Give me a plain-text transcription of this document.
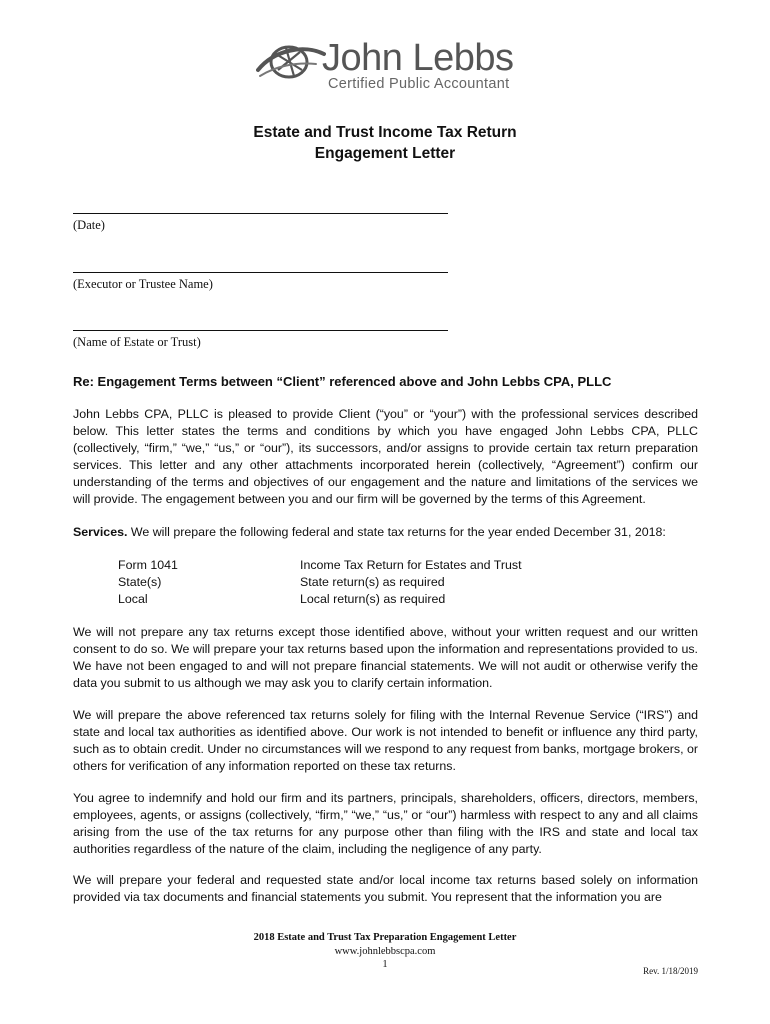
John Lebbs
Certified Public Accountant
Estate and Trust Income Tax Return
Engagement Letter
(Date)
(Executor or Trustee Name)
(Name of Estate or Trust)
Re: Engagement Terms between “Client” referenced above and John Lebbs CPA, PLLC

John Lebbs CPA, PLLC is pleased to provide Client (“you” or “your”) with the professional services described below. This letter states the terms and conditions by which you have engaged John Lebbs CPA, PLLC (collectively, “firm,” “we,” “us,” or “our”), its successors, and/or assigns to provide certain tax return preparation services. This letter and any other attachments incorporated herein (collectively, “Agreement”) confirm our understanding of the terms and objectives of our engagement and the nature and limitations of the services we will provide. The engagement between you and our firm will be governed by the terms of this Agreement.

Services. We will prepare the following federal and state tax returns for the year ended December 31, 2018:

Form 1041	Income Tax Return for Estates and Trust
State(s)	State return(s) as required
Local	Local return(s) as required

We will not prepare any tax returns except those identified above, without your written request and our written consent to do so. We will prepare your tax returns based upon the information and representations provided to us. We have not been engaged to and will not prepare financial statements. We will not audit or otherwise verify the data you submit to us although we may ask you to clarify certain information.

We will prepare the above referenced tax returns solely for filing with the Internal Revenue Service (“IRS”) and state and local tax authorities as identified above. Our work is not intended to benefit or influence any third party, such as to obtain credit. Under no circumstances will we respond to any request from banks, mortgage brokers, or others for verification of any information reported on these tax returns.

You agree to indemnify and hold our firm and its partners, principals, shareholders, officers, directors, members, employees, agents, or assigns (collectively, “firm,” “we,” “us,” or “our”) harmless with respect to any and all claims arising from the use of the tax returns for any purpose other than filing with the IRS and state and local tax authorities regardless of the nature of the claim, including the negligence of any party.

We will prepare your federal and requested state and/or local income tax returns based solely on information provided via tax documents and financial statements you submit. You represent that the information you are

2018 Estate and Trust Tax Preparation Engagement Letter
www.johnlebbscpa.com
1
Rev. 1/18/2019
